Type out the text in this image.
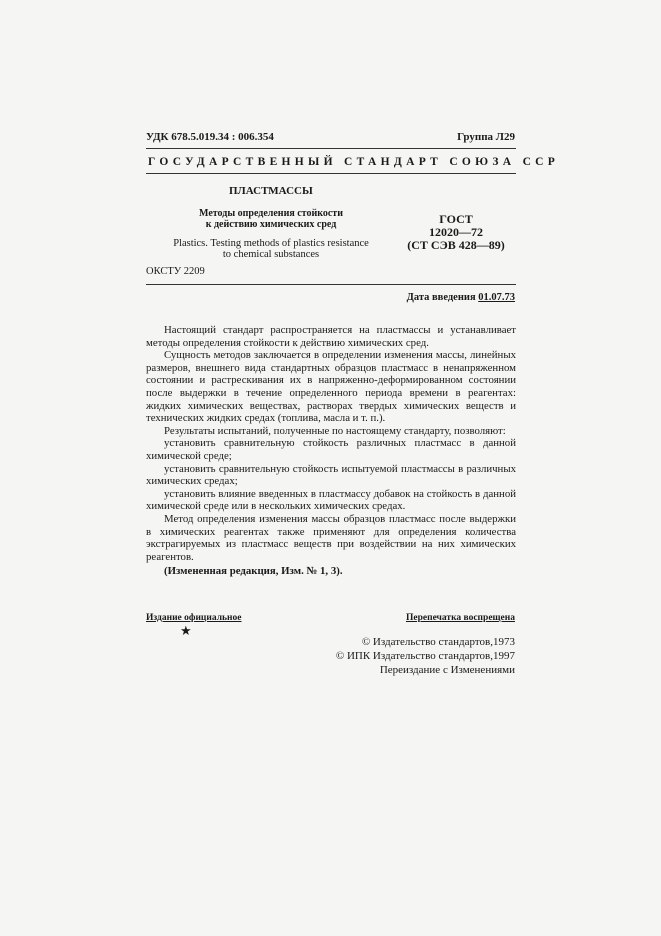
УДК 678.5.019.34 : 006.354	Группа Л29
ГОСУДАРСТВЕННЫЙ СТАНДАРТ СОЮЗА ССР
ПЛАСТМАССЫ
Методы определения стойкости
к действию химических сред
Plastics. Testing methods of plastics resistance
to chemical substances
ОКСТУ 2209
ГОСТ
12020—72
(СТ СЭВ 428—89)
Дата введения 01.07.73

Настоящий стандарт распространяется на пластмассы и устанавливает методы определения стойкости к действию химических сред.

Сущность методов заключается в определении изменения массы, линейных размеров, внешнего вида стандартных образцов пластмасс в ненапряженном состоянии и растрескивания их в напряженно-деформированном состоянии после выдержки в течение определенного периода времени в реагентах: жидких химических веществах, растворах твердых химических веществ и технических жидких средах (топлива, масла и т. п.).

Результаты испытаний, полученные по настоящему стандарту, позволяют:

установить сравнительную стойкость различных пластмасс в данной химической среде;

установить сравнительную стойкость испытуемой пластмассы в различных химических средах;

установить влияние введенных в пластмассу добавок на стойкость в данной химической среде или в нескольких химических средах.

Метод определения изменения массы образцов пластмасс после выдержки в химических реагентах также применяют для определения количества экстрагируемых из пластмасс веществ при воздействии на них химических реагентов.

(Измененная редакция, Изм. № 1, 3).

Издание официальное	Перепечатка воспрещена
★
© Издательство стандартов,1973
© ИПК Издательство стандартов,1997
Переиздание с Изменениями
